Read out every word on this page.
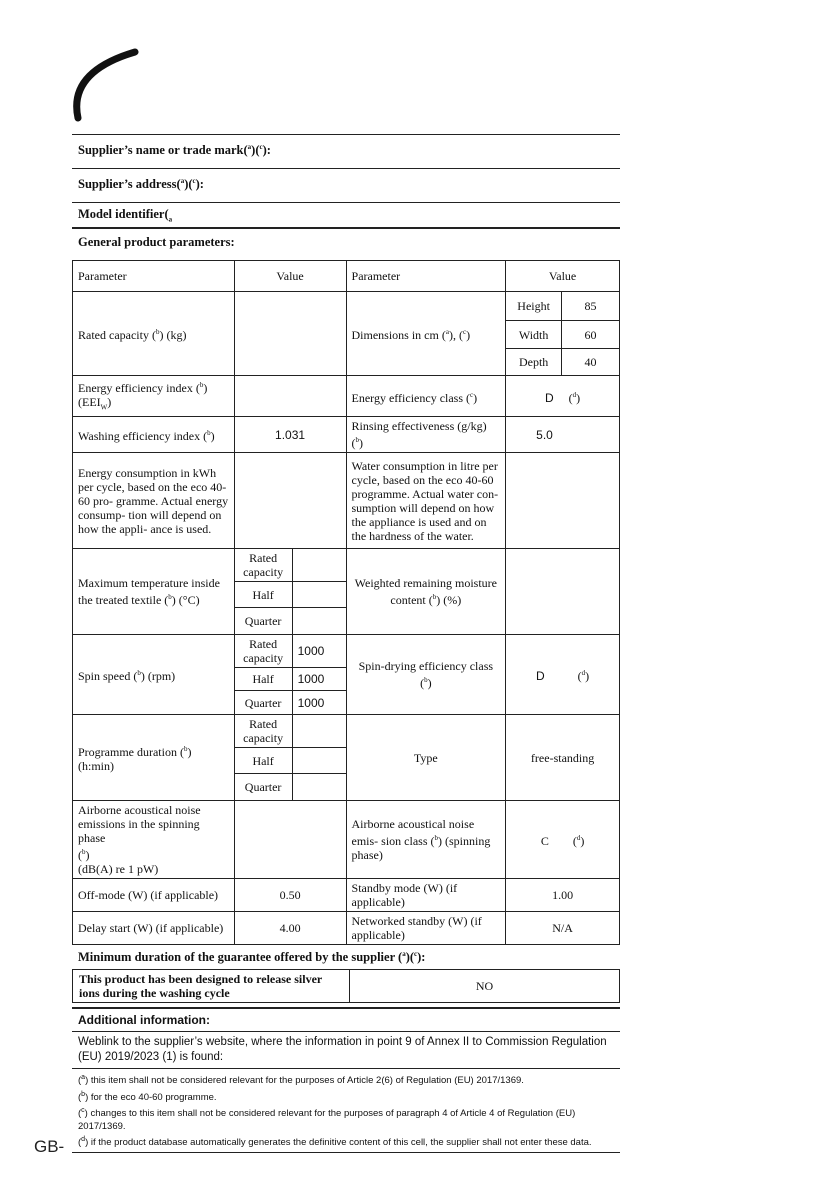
Supplier’s name or trade mark($^a$)($^c$):
Supplier’s address($^a$)($^c$):
Model $identifier(_a$
General product parameters:
Parameter	Value		Parameter	Value	
Rated capacity ($^b$) (kg)			Dimensions in cm ($^a$), ($^c$)	Height	85
				Width	60
				Depth	40
Energy efficiency index ($^b$)
$(EEI_W)$			Energy efficiency class ($^c$)	D ($^d$)	
Washing efficiency index ($^b$)	1.031		Rinsing effectiveness (g/kg) ($^b$)	5.0	
Energy consumption in kWh per cycle, based on the eco 40-60 pro- gramme. Actual energy consump- tion will depend on how the appli- ance is used.			Water consumption in litre per cycle, based on the eco 40-60 programme. Actual water con- sumption will depend on how the appliance is used and on the hardness of the water.		
Maximum temperature inside the treated textile ($^b$) (°C)	Rated capacity		Weighted remaining moisture content ($^b$) (%)		
	Half				
	Quarter				
Spin speed ($^b$) (rpm)	Rated capacity	1000	Spin-drying efficiency class ($^b$)	D ($^d$)	
	Half	1000			
	Quarter	1000			
Programme duration ($^b$) (h:min)	Rated capacity		Type	free-standing	
	Half				
	Quarter				
Airborne acoustical noise emissions in the spinning phase
($^b$)
(dB(A) re 1 pW)			Airborne acoustical noise emis- sion class ($^b$) (spinning phase)	C ($^d$)	
Off-mode (W) (if applicable)	0.50		Standby mode (W) (if applicable)	1.00	
Delay start (W) (if applicable)	4.00		Networked standby (W) (if applicable)	N/A	
Minimum duration of the guarantee offered by the supplier ($^a$)($^c$):
This product has been designed to release silver ions during the washing cycle	NO
Additional information:
Weblink to the supplier’s website, where the information in point 9 of Annex II to Commission Regulation (EU) 2019/2023 (1) is found:
($^a$) this item shall not be considered relevant for the purposes of Article 2(6) of Regulation (EU) 2017/1369.
($^b$) for the eco 40-60 programme.
($^c$) changes to this item shall not be considered relevant for the purposes of paragraph 4 of Article 4 of Regulation (EU) 2017/1369.
($^d$) if the product database automatically generates the definitive content of this cell, the supplier shall not enter these data.
GB-
